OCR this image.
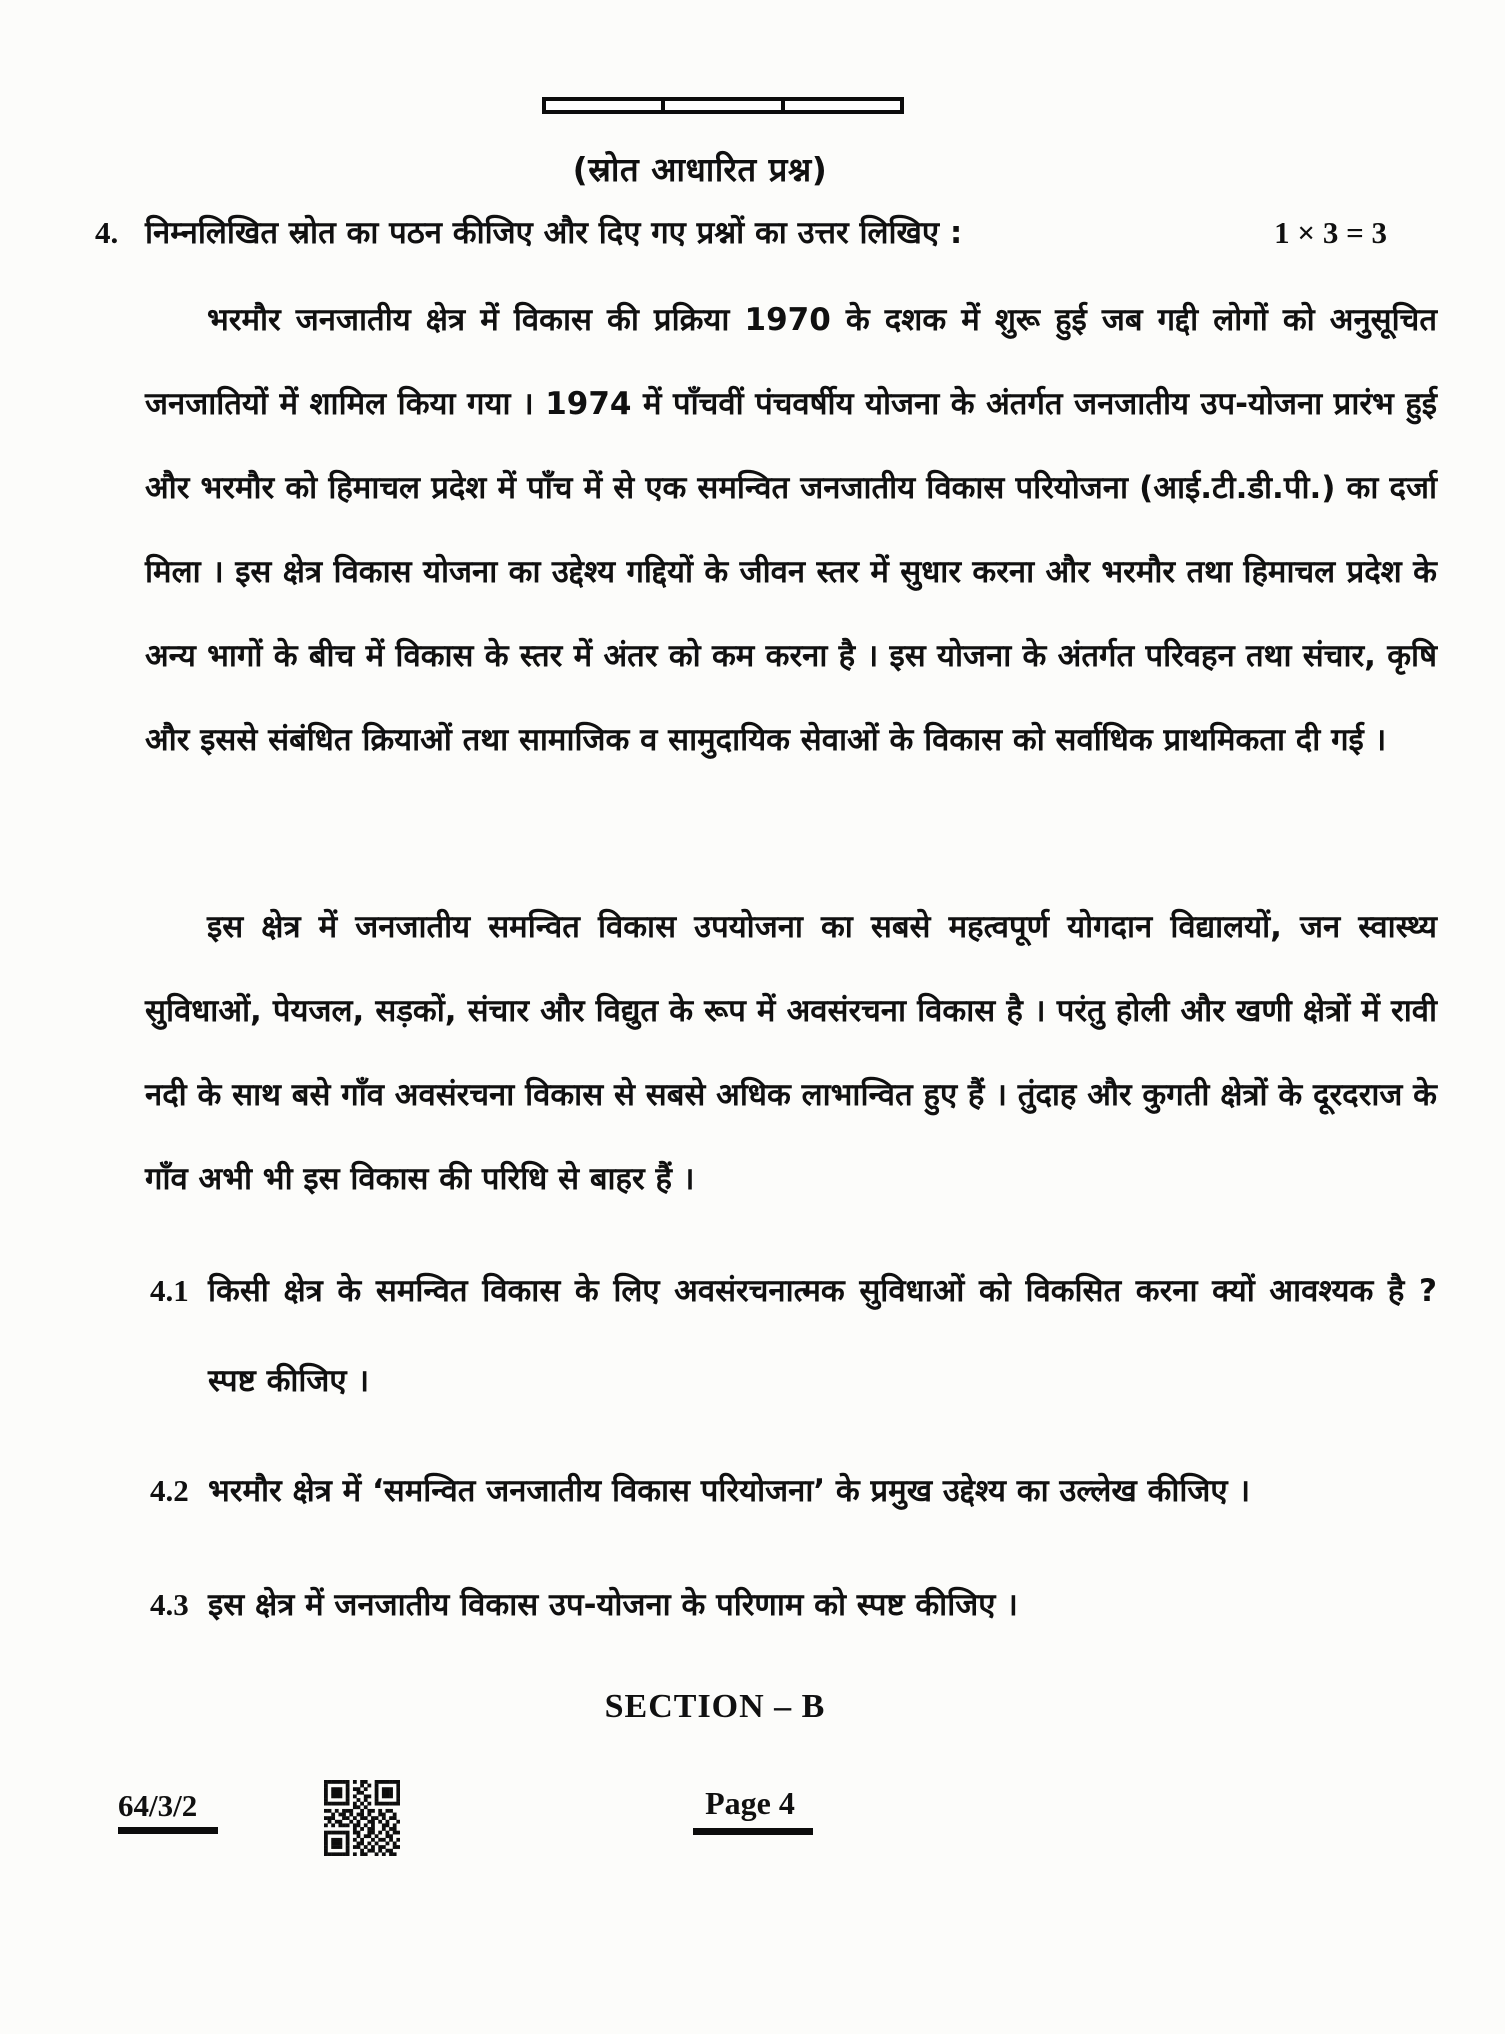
(स्रोत आधारित प्रश्न)
4. निम्नलिखित स्रोत का पठन कीजिए और दिए गए प्रश्नों का उत्तर लिखिए :	1 × 3 = 3
भरमौर जनजातीय क्षेत्र में विकास की प्रक्रिया 1970 के दशक में शुरू हुई जब गद्दी लोगों को अनुसूचित जनजातियों में शामिल किया गया । 1974 में पाँचवीं पंचवर्षीय योजना के अंतर्गत जनजातीय उप-योजना प्रारंभ हुई और भरमौर को हिमाचल प्रदेश में पाँच में से एक समन्वित जनजातीय विकास परियोजना (आई.टी.डी.पी.) का दर्जा मिला । इस क्षेत्र विकास योजना का उद्देश्य गद्दियों के जीवन स्तर में सुधार करना और भरमौर तथा हिमाचल प्रदेश के अन्य भागों के बीच में विकास के स्तर में अंतर को कम करना है । इस योजना के अंतर्गत परिवहन तथा संचार, कृषि और इससे संबंधित क्रियाओं तथा सामाजिक व सामुदायिक सेवाओं के विकास को सर्वाधिक प्राथमिकता दी गई ।
इस क्षेत्र में जनजातीय समन्वित विकास उपयोजना का सबसे महत्वपूर्ण योगदान विद्यालयों, जन स्वास्थ्य सुविधाओं, पेयजल, सड़कों, संचार और विद्युत के रूप में अवसंरचना विकास है । परंतु होली और खणी क्षेत्रों में रावी नदी के साथ बसे गाँव अवसंरचना विकास से सबसे अधिक लाभान्वित हुए हैं । तुंदाह और कुगती क्षेत्रों के दूरदराज के गाँव अभी भी इस विकास की परिधि से बाहर हैं ।
4.1 किसी क्षेत्र के समन्वित विकास के लिए अवसंरचनात्मक सुविधाओं को विकसित करना क्यों आवश्यक है ? स्पष्ट कीजिए ।
4.2 भरमौर क्षेत्र में ‘समन्वित जनजातीय विकास परियोजना’ के प्रमुख उद्देश्य का उल्लेख कीजिए ।
4.3 इस क्षेत्र में जनजातीय विकास उप-योजना के परिणाम को स्पष्ट कीजिए ।
SECTION – B
64/3/2	Page 4
